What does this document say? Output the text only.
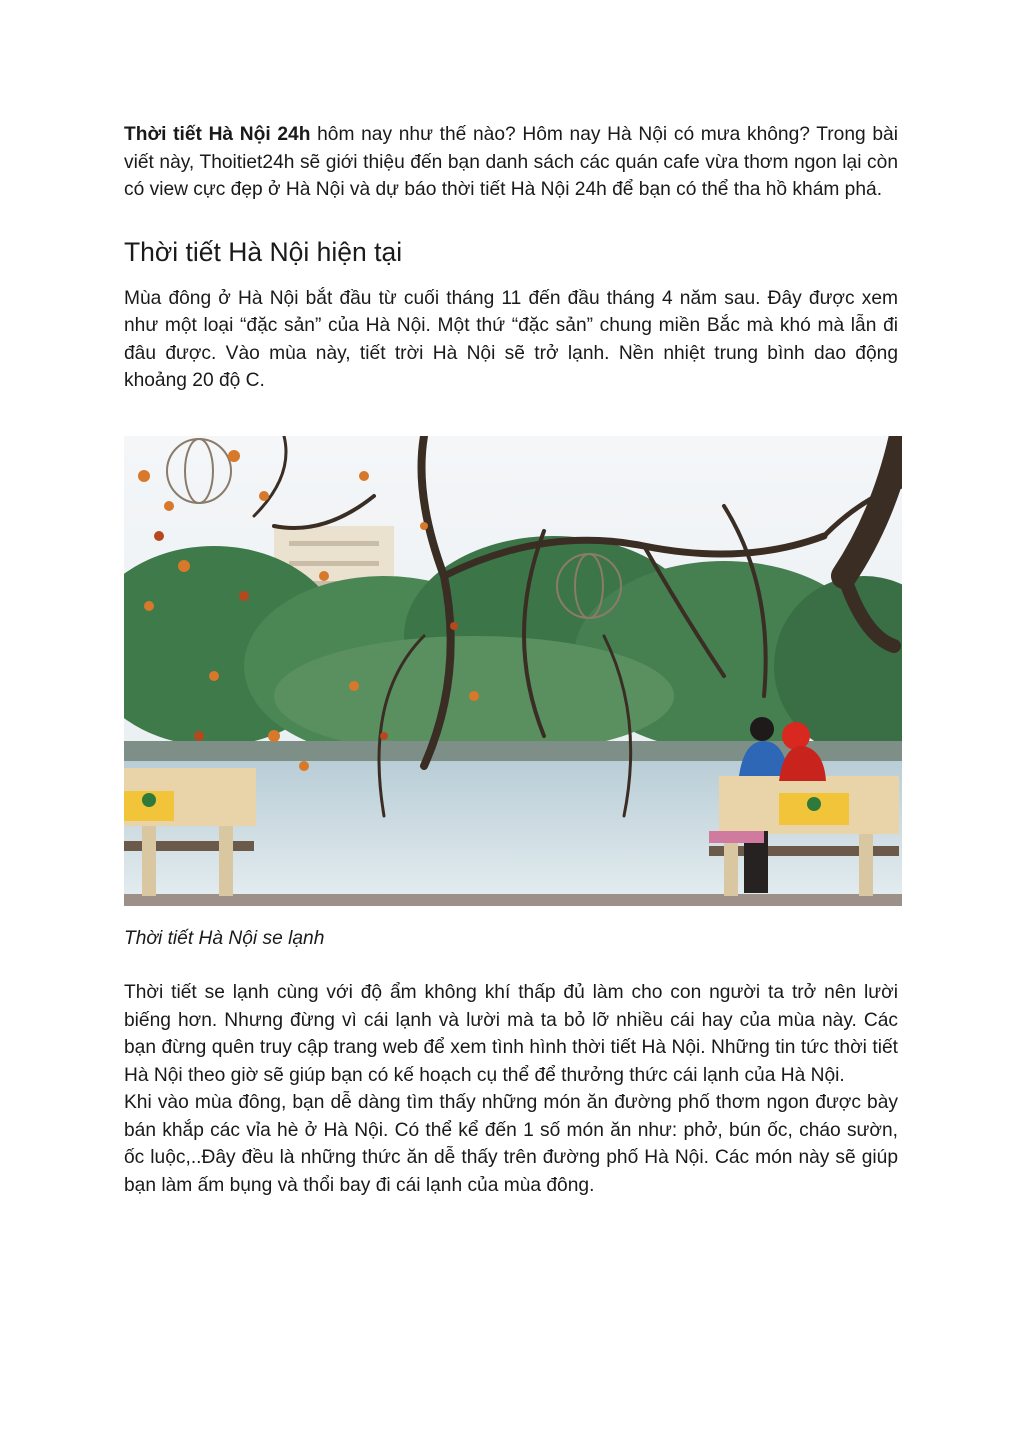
Thời tiết Hà Nội 24h hôm nay như thế nào? Hôm nay Hà Nội có mưa không? Trong bài viết này, Thoitiet24h sẽ giới thiệu đến bạn danh sách các quán cafe vừa thơm ngon lại còn có view cực đẹp ở Hà Nội và dự báo thời tiết Hà Nội 24h để bạn có thể tha hồ khám phá.

Thời tiết Hà Nội hiện tại

Mùa đông ở Hà Nội bắt đầu từ cuối tháng 11 đến đầu tháng 4 năm sau. Đây được xem như một loại “đặc sản” của Hà Nội. Một thứ “đặc sản” chung miền Bắc mà khó mà lẫn đi đâu được. Vào mùa này, tiết trời Hà Nội sẽ trở lạnh. Nền nhiệt trung bình dao động khoảng 20 độ C.

Thời tiết Hà Nội se lạnh

Thời tiết se lạnh cùng với độ ẩm không khí thấp đủ làm cho con người ta trở nên lười biếng hơn. Nhưng đừng vì cái lạnh và lười mà ta bỏ lỡ nhiều cái hay của mùa này. Các bạn đừng quên truy cập trang web để xem tình hình thời tiết Hà Nội. Những tin tức thời tiết Hà Nội theo giờ sẽ giúp bạn có kế hoạch cụ thể để thưởng thức cái lạnh của Hà Nội.

Khi vào mùa đông, bạn dễ dàng tìm thấy những món ăn đường phố thơm ngon được bày bán khắp các vỉa hè ở Hà Nội. Có thể kể đến 1 số món ăn như: phở, bún ốc, cháo sườn, ốc luộc,..Đây đều là những thức ăn dễ thấy trên đường phố Hà Nội. Các món này sẽ giúp bạn làm ấm bụng và thổi bay đi cái lạnh của mùa đông.
